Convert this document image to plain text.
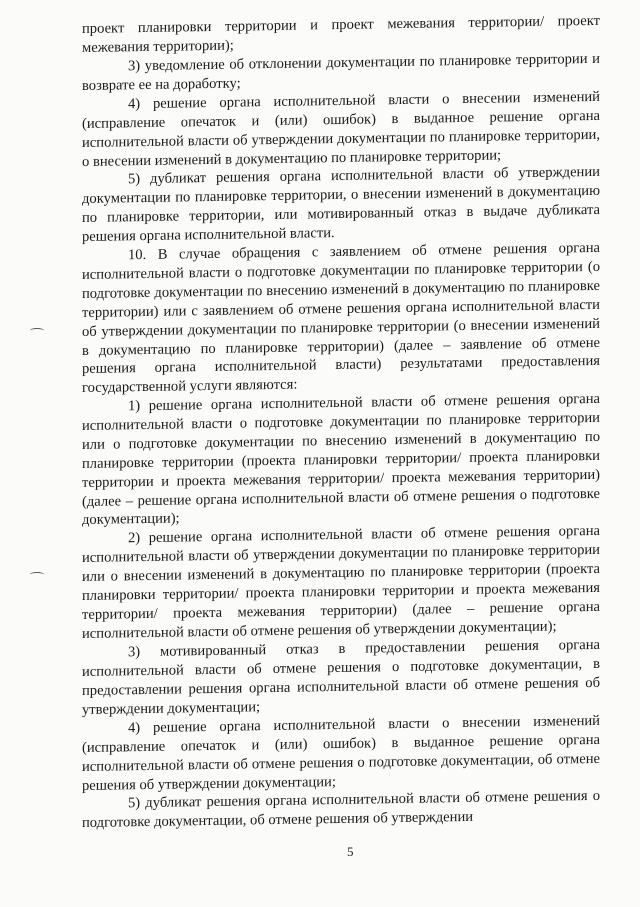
проект планировки территории и проект межевания территории/ проект межевания территории);

3) уведомление об отклонении документации по планировке территории и возврате ее на доработку;

4) решение органа исполнительной власти о внесении изменений (исправление опечаток и (или) ошибок) в выданное решение органа исполнительной власти об утверждении документации по планировке территории, о внесении изменений в документацию по планировке территории;

5) дубликат решения органа исполнительной власти об утверждении документации по планировке территории, о внесении изменений в документацию по планировке территории, или мотивированный отказ в выдаче дубликата решения органа исполнительной власти.

10. В случае обращения с заявлением об отмене решения органа исполнительной власти о подготовке документации по планировке территории (о подготовке документации по внесению изменений в документацию по планировке территории) или с заявлением об отмене решения органа исполнительной власти об утверждении документации по планировке территории (о внесении изменений в документацию по планировке территории) (далее – заявление об отмене решения органа исполнительной власти) результатами предоставления государственной услуги являются:

1) решение органа исполнительной власти об отмене решения органа исполнительной власти о подготовке документации по планировке территории или о подготовке документации по внесению изменений в документацию по планировке территории (проекта планировки территории/ проекта планировки территории и проекта межевания территории/ проекта межевания территории) (далее – решение органа исполнительной власти об отмене решения о подготовке документации);

2) решение органа исполнительной власти об отмене решения органа исполнительной власти об утверждении документации по планировке территории или о внесении изменений в документацию по планировке территории (проекта планировки территории/ проекта планировки территории и проекта межевания территории/ проекта межевания территории) (далее – решение органа исполнительной власти об отмене решения об утверждении документации);

3) мотивированный отказ в предоставлении решения органа исполнительной власти об отмене решения о подготовке документации, в предоставлении решения органа исполнительной власти об отмене решения об утверждении документации;

4) решение органа исполнительной власти о внесении изменений (исправление опечаток и (или) ошибок) в выданное решение органа исполнительной власти об отмене решения о подготовке документации, об отмене решения об утверждении документации;

5) дубликат решения органа исполнительной власти об отмене решения о подготовке документации, об отмене решения об утверждении

5
